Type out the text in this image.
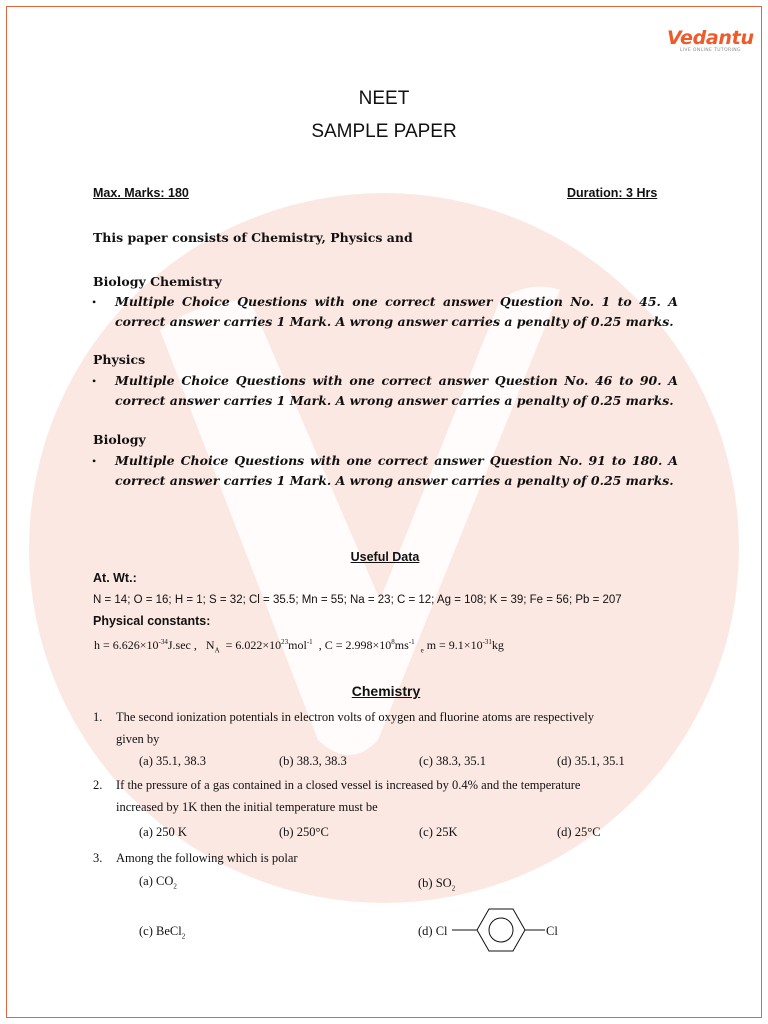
Vedantu
LIVE ONLINE TUTORING
NEET
SAMPLE PAPER
Max. Marks: 180	Duration: 3 Hrs
This paper consists of Chemistry, Physics and
Biology Chemistry
• Multiple Choice Questions with one correct answer Question No. 1 to 45. A correct answer carries 1 Mark. A wrong answer carries a penalty of 0.25 marks.
Physics
• Multiple Choice Questions with one correct answer Question No. 46 to 90. A correct answer carries 1 Mark. A wrong answer carries a penalty of 0.25 marks.
Biology
• Multiple Choice Questions with one correct answer Question No. 91 to 180. A correct answer carries 1 Mark. A wrong answer carries a penalty of 0.25 marks.
Useful Data
At. Wt.:
N = 14; O = 16; H = 1; S = 32; Cl = 35.5; Mn = 55; Na = 23; C = 12; Ag = 108; K = 39; Fe = 56; Pb = 207
Physical constants:
$h = 6.626\times 10^{-34}J.\sec$ , $N_A = 6.022\times 10^{23}mol^{-1}$ , $C = 2.998\times 10^8ms^{-1}$  $_e$ $m = 9.1\times 10^{-31}kg$
Chemistry
1. The second ionization potentials in electron volts of oxygen and fluorine atoms are respectively
given by
(a) 35.1, 38.3	(b) 38.3, 38.3	(c) 38.3, 35.1	(d) 35.1, 35.1
2. If the pressure of a gas contained in a closed vessel is increased by 0.4% and the temperature
increased by 1K then the initial temperature must be
(a) 250 K	(b) 250°C	(c) 25K	(d) 25°C
3. Among the following which is polar
(a) $CO_2$	(b) $SO_2$
(c) BeCl$_2$	(d) Cl	Cl
